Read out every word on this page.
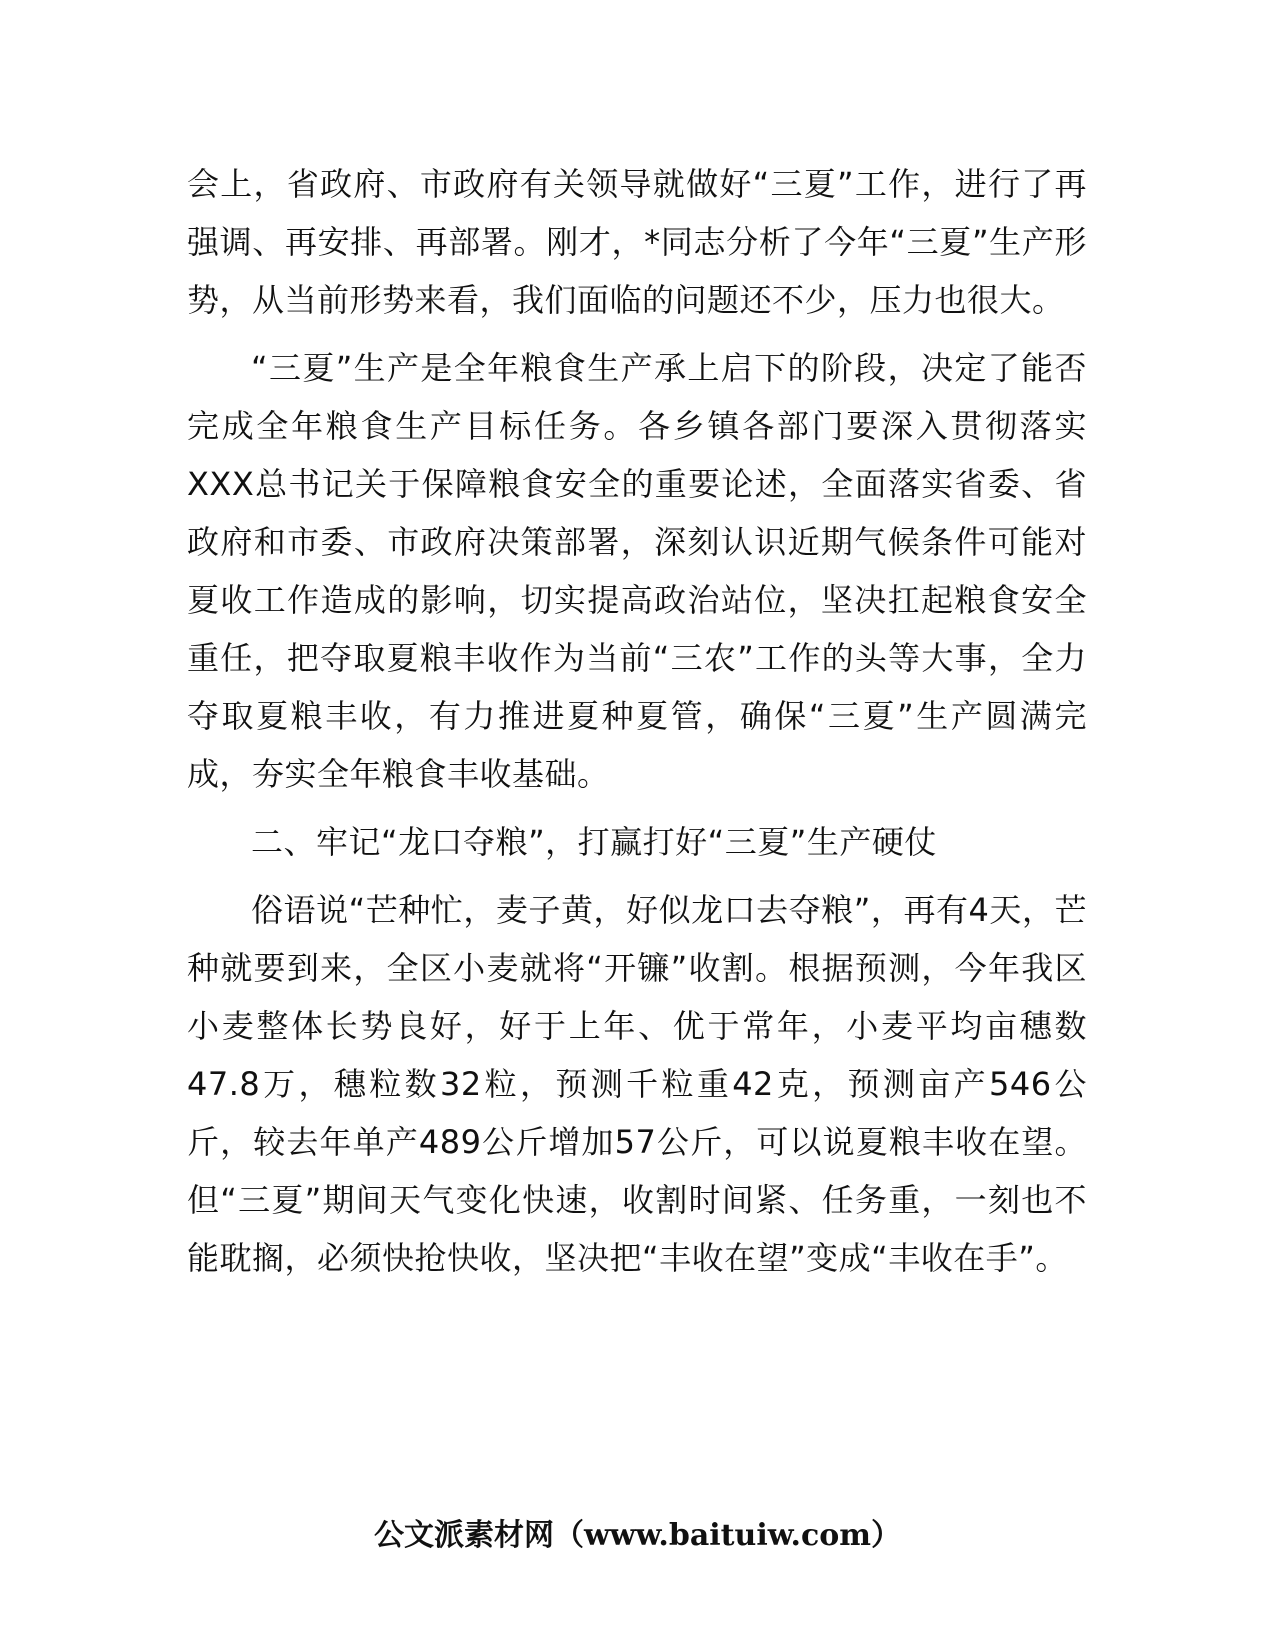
会上，省政府、市政府有关领导就做好“三夏”工作，进行了再强调、再安排、再部署。刚才，*同志分析了今年“三夏”生产形势，从当前形势来看，我们面临的问题还不少，压力也很大。

“三夏”生产是全年粮食生产承上启下的阶段，决定了能否完成全年粮食生产目标任务。各乡镇各部门要深入贯彻落实XXX总书记关于保障粮食安全的重要论述，全面落实省委、省政府和市委、市政府决策部署，深刻认识近期气候条件可能对夏收工作造成的影响，切实提高政治站位，坚决扛起粮食安全重任，把夺取夏粮丰收作为当前“三农”工作的头等大事，全力夺取夏粮丰收，有力推进夏种夏管，确保“三夏”生产圆满完成，夯实全年粮食丰收基础。

二、牢记“龙口夺粮”，打赢打好“三夏”生产硬仗

俗语说“芒种忙，麦子黄，好似龙口去夺粮”，再有4天，芒种就要到来，全区小麦就将“开镰”收割。根据预测，今年我区小麦整体长势良好，好于上年、优于常年，小麦平均亩穗数47.8万，穗粒数32粒，预测千粒重42克，预测亩产546公斤，较去年单产489公斤增加57公斤，可以说夏粮丰收在望。但“三夏”期间天气变化快速，收割时间紧、任务重，一刻也不能耽搁，必须快抢快收，坚决把“丰收在望”变成“丰收在手”。

公文派素材网（www.baituiw.com）
